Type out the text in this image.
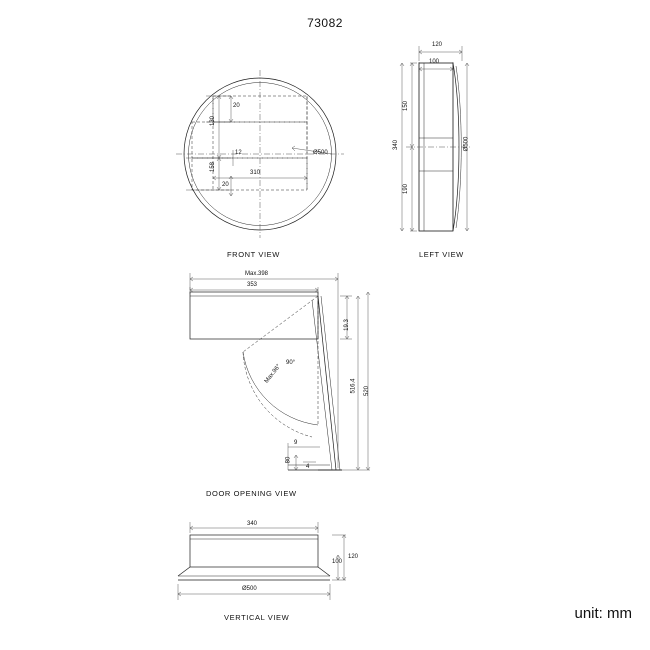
73082
20
130
158
12
20
310
Ø500
FRONT VIEW
120
100
150
340
190
Ø500
LEFT VIEW
Max.398
353
19.3
90°
Max.96°
516.4 520
9
80
4
DOOR OPENING VIEW
340
120
100
Ø500
VERTICAL VIEW	unit: mm
